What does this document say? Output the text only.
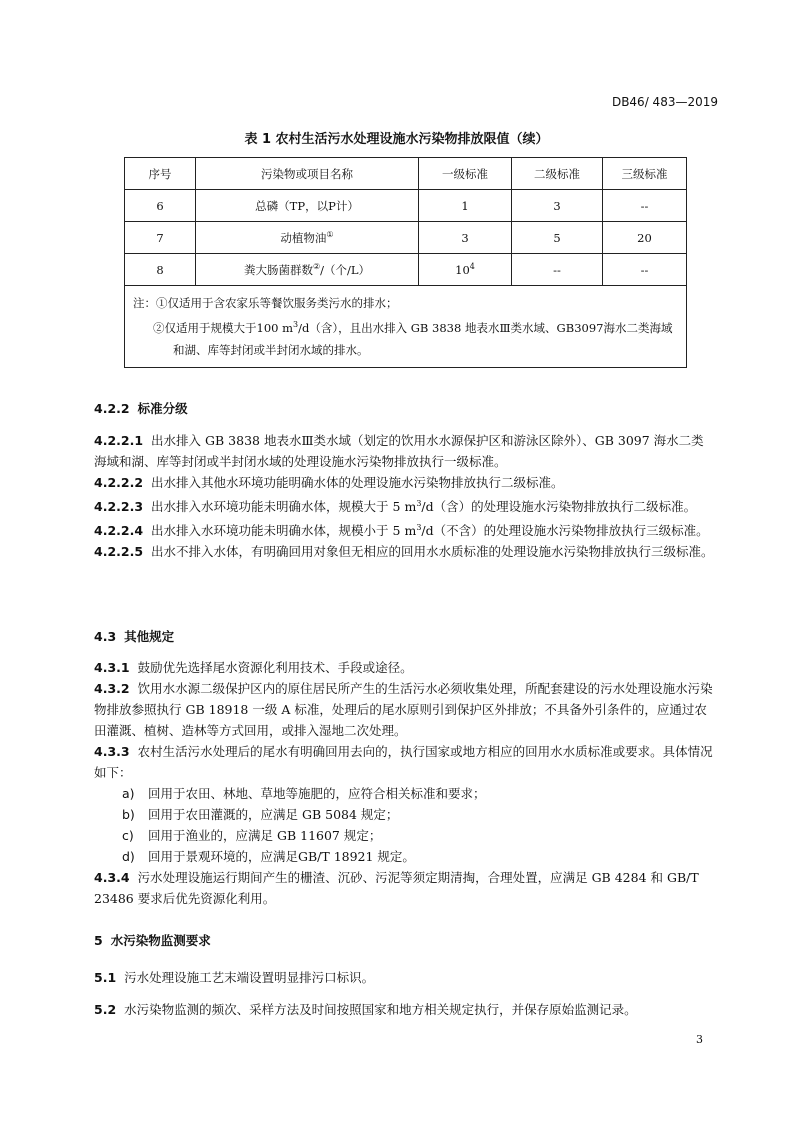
DB46/ 483—2019
表 1 农村生活污水处理设施水污染物排放限值（续）
序号	污染物或项目名称	一级标准	二级标准	三级标准
6	总磷（TP，以P计）	1	3	--
7	动植物油①	3	5	20
8	粪大肠菌群数②/（个/L）	$10^4$	--	--

注：①仅适用于含农家乐等餐饮服务类污水的排水；
②仅适用于规模大于100 $m^3/d$（含），且出水排入 GB 3838 地表水Ⅲ类水域、GB3097海水二类海域
和湖、库等封闭或半封闭水域的排水。				

4.2.2 标准分级

4.2.2.1 出水排入 GB 3838 地表水Ⅲ类水域（划定的饮用水水源保护区和游泳区除外）、GB 3097 海水二类海域和湖、库等封闭或半封闭水域的处理设施水污染物排放执行一级标准。

4.2.2.2 出水排入其他水环境功能明确水体的处理设施水污染物排放执行二级标准。

4.2.2.3 出水排入水环境功能未明确水体，规模大于 5 $m^3/d$（含）的处理设施水污染物排放执行二级标准。

4.2.2.4 出水排入水环境功能未明确水体，规模小于 5 $m^3/d$（不含）的处理设施水污染物排放执行三级标准。

4.2.2.5 出水不排入水体，有明确回用对象但无相应的回用水水质标准的处理设施水污染物排放执行三级标准。

4.3 其他规定

4.3.1 鼓励优先选择尾水资源化利用技术、手段或途径。

4.3.2 饮用水水源二级保护区内的原住居民所产生的生活污水必须收集处理，所配套建设的污水处理设施水污染物排放参照执行 GB 18918 一级 A 标准，处理后的尾水原则引到保护区外排放；不具备外引条件的，应通过农田灌溉、植树、造林等方式回用，或排入湿地二次处理。

4.3.3 农村生活污水处理后的尾水有明确回用去向的，执行国家或地方相应的回用水水质标准或要求。具体情况如下：

a) 回用于农田、林地、草地等施肥的，应符合相关标准和要求；
b) 回用于农田灌溉的，应满足 GB 5084 规定；
c) 回用于渔业的，应满足 GB 11607 规定；
d) 回用于景观环境的，应满足GB/T 18921 规定。

4.3.4 污水处理设施运行期间产生的栅渣、沉砂、污泥等须定期清掏，合理处置，应满足 GB 4284 和 GB/T 23486 要求后优先资源化利用。

5 水污染物监测要求

5.1 污水处理设施工艺末端设置明显排污口标识。

5.2 水污染物监测的频次、采样方法及时间按照国家和地方相关规定执行，并保存原始监测记录。

3
